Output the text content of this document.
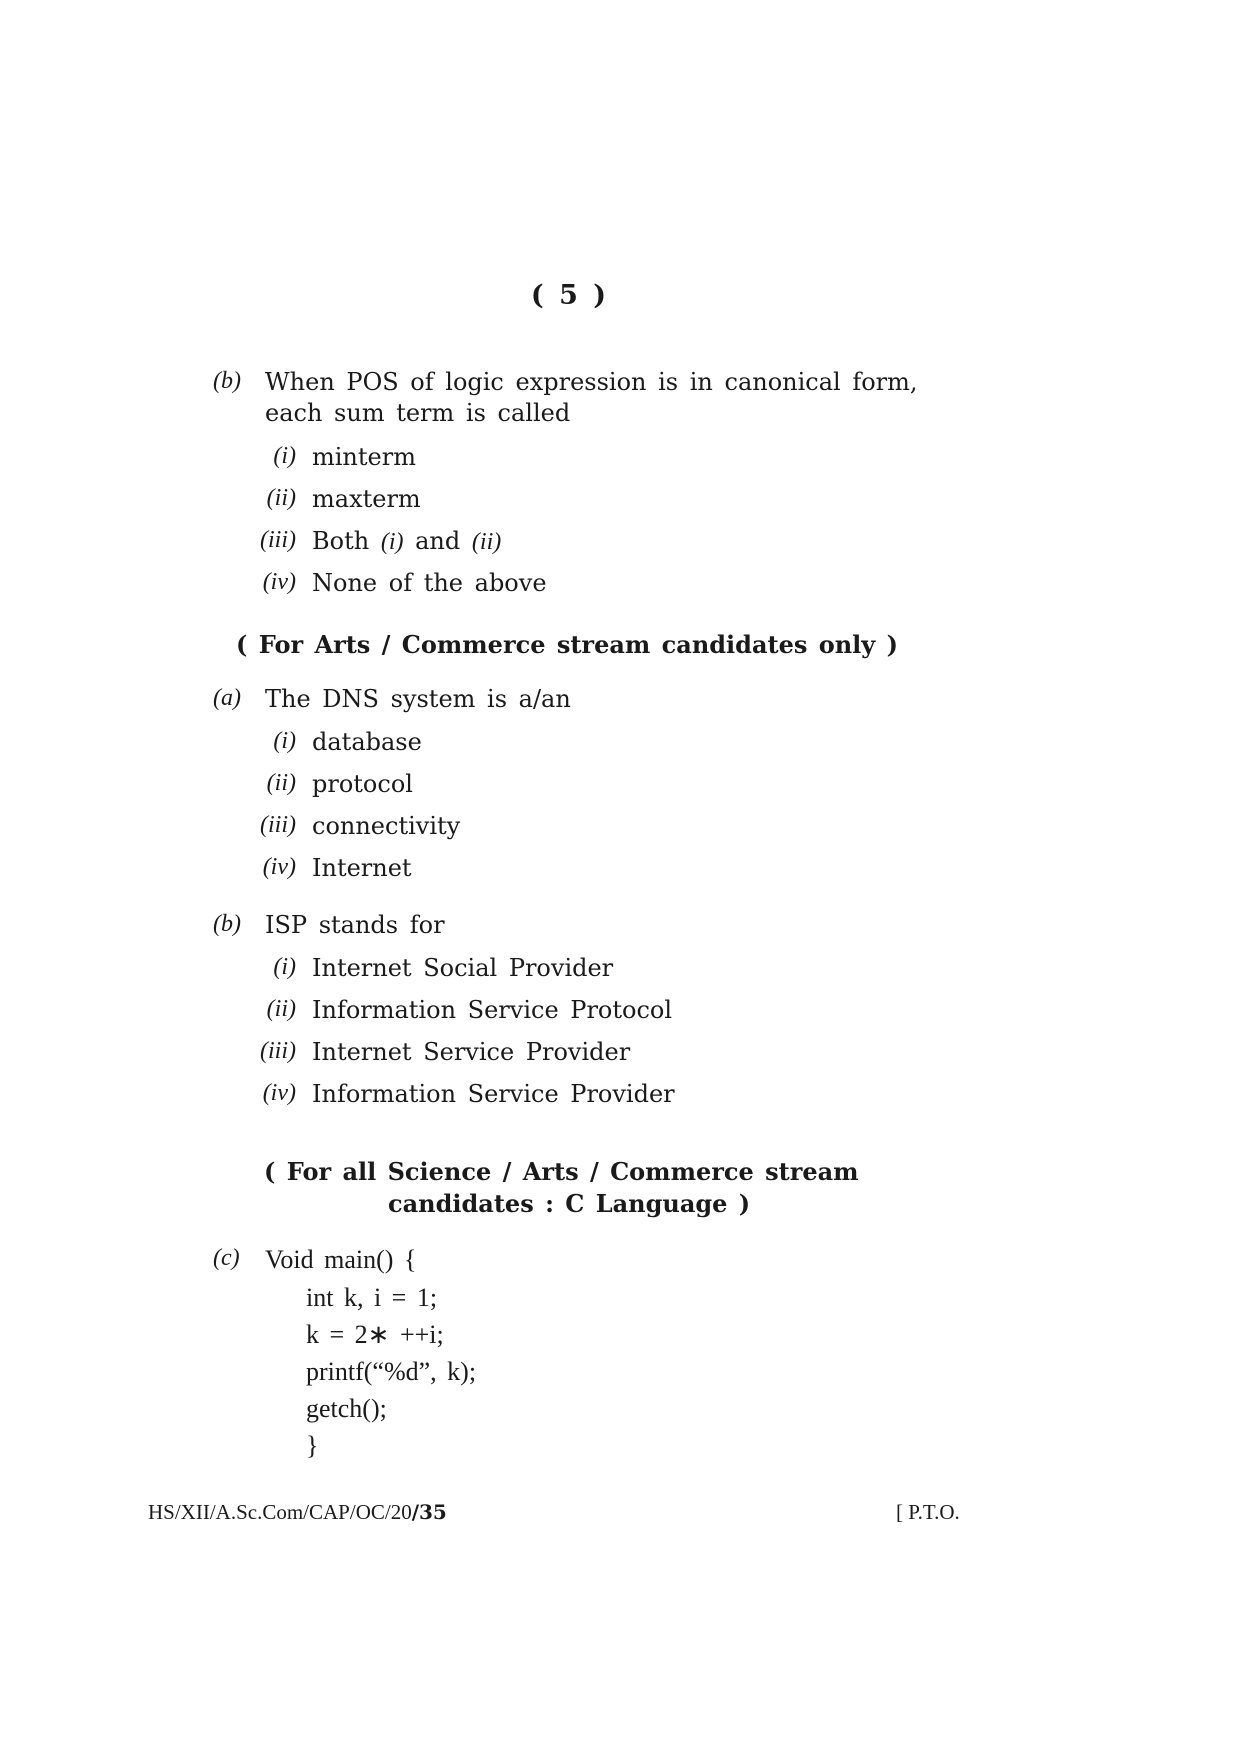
( 5 )
(b)	When POS of logic expression is in canonical form,
each sum term is called
(i) minterm
(ii) maxterm
(iii) Both (i) and (ii)
(iv) None of the above
( For Arts / Commerce stream candidates only )
(a)	The DNS system is a/an
(i) database
(ii) protocol
(iii) connectivity
(iv) Internet
(b)	ISP stands for
(i) Internet Social Provider
(ii) Information Service Protocol
(iii) Internet Service Provider
(iv) Information Service Provider
( For all Science / Arts / Commerce stream
candidates : C Language )
(c) Void main() {
int k, i = 1;
k = 2∗ ++i;
printf(“%d”, k);
getch();
}
HS/XII/A.Sc.Com/CAP/OC/20/35	[ P.T.O.
